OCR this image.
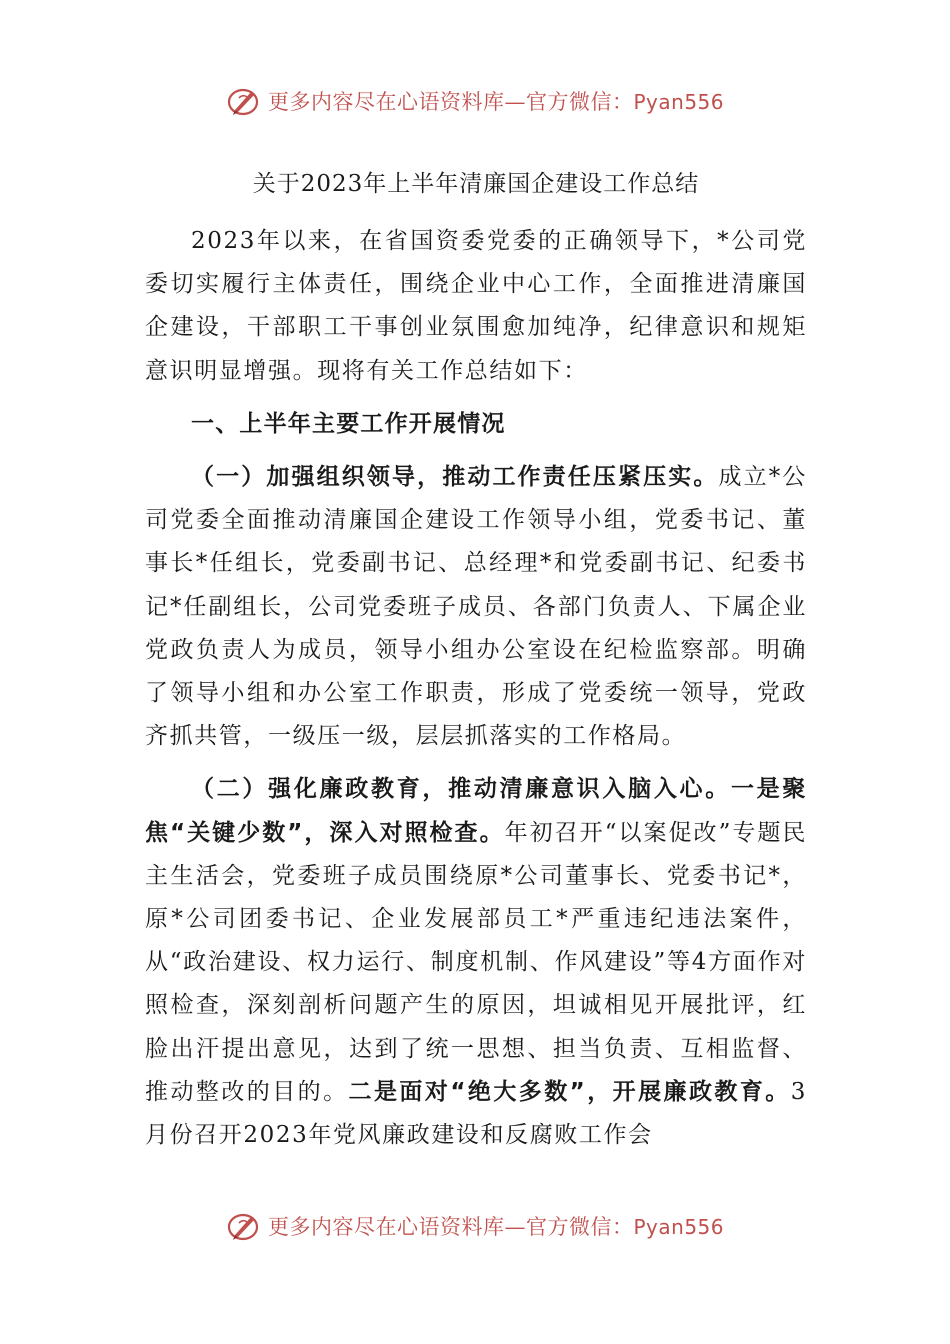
更多内容尽在心语资料库—官方微信：Pyan556
关于2023年上半年清廉国企建设工作总结

2023年以来，在省国资委党委的正确领导下，*公司党委切实履行主体责任，围绕企业中心工作，全面推进清廉国企建设，干部职工干事创业氛围愈加纯净，纪律意识和规矩意识明显增强。现将有关工作总结如下：

一、上半年主要工作开展情况

（一）加强组织领导，推动工作责任压紧压实。成立*公司党委全面推动清廉国企建设工作领导小组，党委书记、董事长*任组长，党委副书记、总经理*和党委副书记、纪委书记*任副组长，公司党委班子成员、各部门负责人、下属企业党政负责人为成员，领导小组办公室设在纪检监察部。明确了领导小组和办公室工作职责，形成了党委统一领导，党政齐抓共管，一级压一级，层层抓落实的工作格局。

（二）强化廉政教育，推动清廉意识入脑入心。一是聚焦“关键少数”，深入对照检查。年初召开“以案促改”专题民主生活会，党委班子成员围绕原*公司董事长、党委书记*，原*公司团委书记、企业发展部员工*严重违纪违法案件，从“政治建设、权力运行、制度机制、作风建设”等4方面作对照检查，深刻剖析问题产生的原因，坦诚相见开展批评，红脸出汗提出意见，达到了统一思想、担当负责、互相监督、推动整改的目的。二是面对“绝大多数”，开展廉政教育。3月份召开2023年党风廉政建设和反腐败工作会

更多内容尽在心语资料库—官方微信：Pyan556
